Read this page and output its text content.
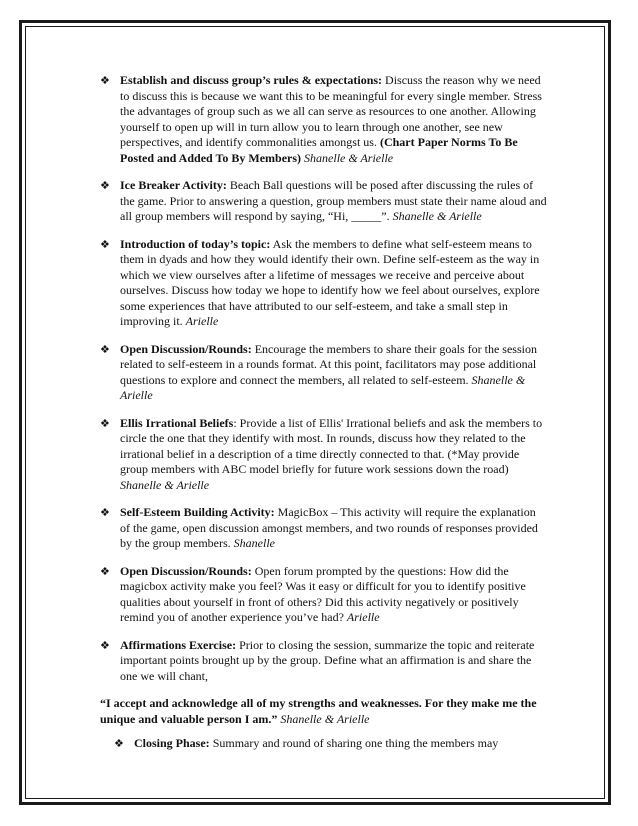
❖ Establish and discuss group’s rules & expectations: Discuss the reason why we need to discuss this is because we want this to be meaningful for every single member. Stress the advantages of group such as we all can serve as resources to one another. Allowing yourself to open up will in turn allow you to learn through one another, see new perspectives, and identify commonalities amongst us. (Chart Paper Norms To Be Posted and Added To By Members) Shanelle & Arielle
❖ Ice Breaker Activity: Beach Ball questions will be posed after discussing the rules of the game. Prior to answering a question, group members must state their name aloud and all group members will respond by saying, “Hi, _____”. Shanelle & Arielle
❖ Introduction of today’s topic: Ask the members to define what self-esteem means to them in dyads and how they would identify their own. Define self-esteem as the way in which we view ourselves after a lifetime of messages we receive and perceive about ourselves. Discuss how today we hope to identify how we feel about ourselves, explore some experiences that have attributed to our self-esteem, and take a small step in improving it. Arielle
❖ Open Discussion/Rounds: Encourage the members to share their goals for the session related to self-esteem in a rounds format. At this point, facilitators may pose additional questions to explore and connect the members, all related to self-esteem. Shanelle & Arielle
❖ Ellis Irrational Beliefs: Provide a list of Ellis' Irrational beliefs and ask the members to circle the one that they identify with most. In rounds, discuss how they related to the irrational belief in a description of a time directly connected to that. (*May provide group members with ABC model briefly for future work sessions down the road) Shanelle & Arielle
❖ Self-Esteem Building Activity: MagicBox – This activity will require the explanation of the game, open discussion amongst members, and two rounds of responses provided by the group members. Shanelle
❖ Open Discussion/Rounds: Open forum prompted by the questions: How did the magicbox activity make you feel? Was it easy or difficult for you to identify positive qualities about yourself in front of others? Did this activity negatively or positively remind you of another experience you’ve had? Arielle
❖ Affirmations Exercise: Prior to closing the session, summarize the topic and reiterate important points brought up by the group. Define what an affirmation is and share the one we will chant,
“I accept and acknowledge all of my strengths and weaknesses. For they make me the unique and valuable person I am.” Shanelle & Arielle
❖ Closing Phase: Summary and round of sharing one thing the members may
